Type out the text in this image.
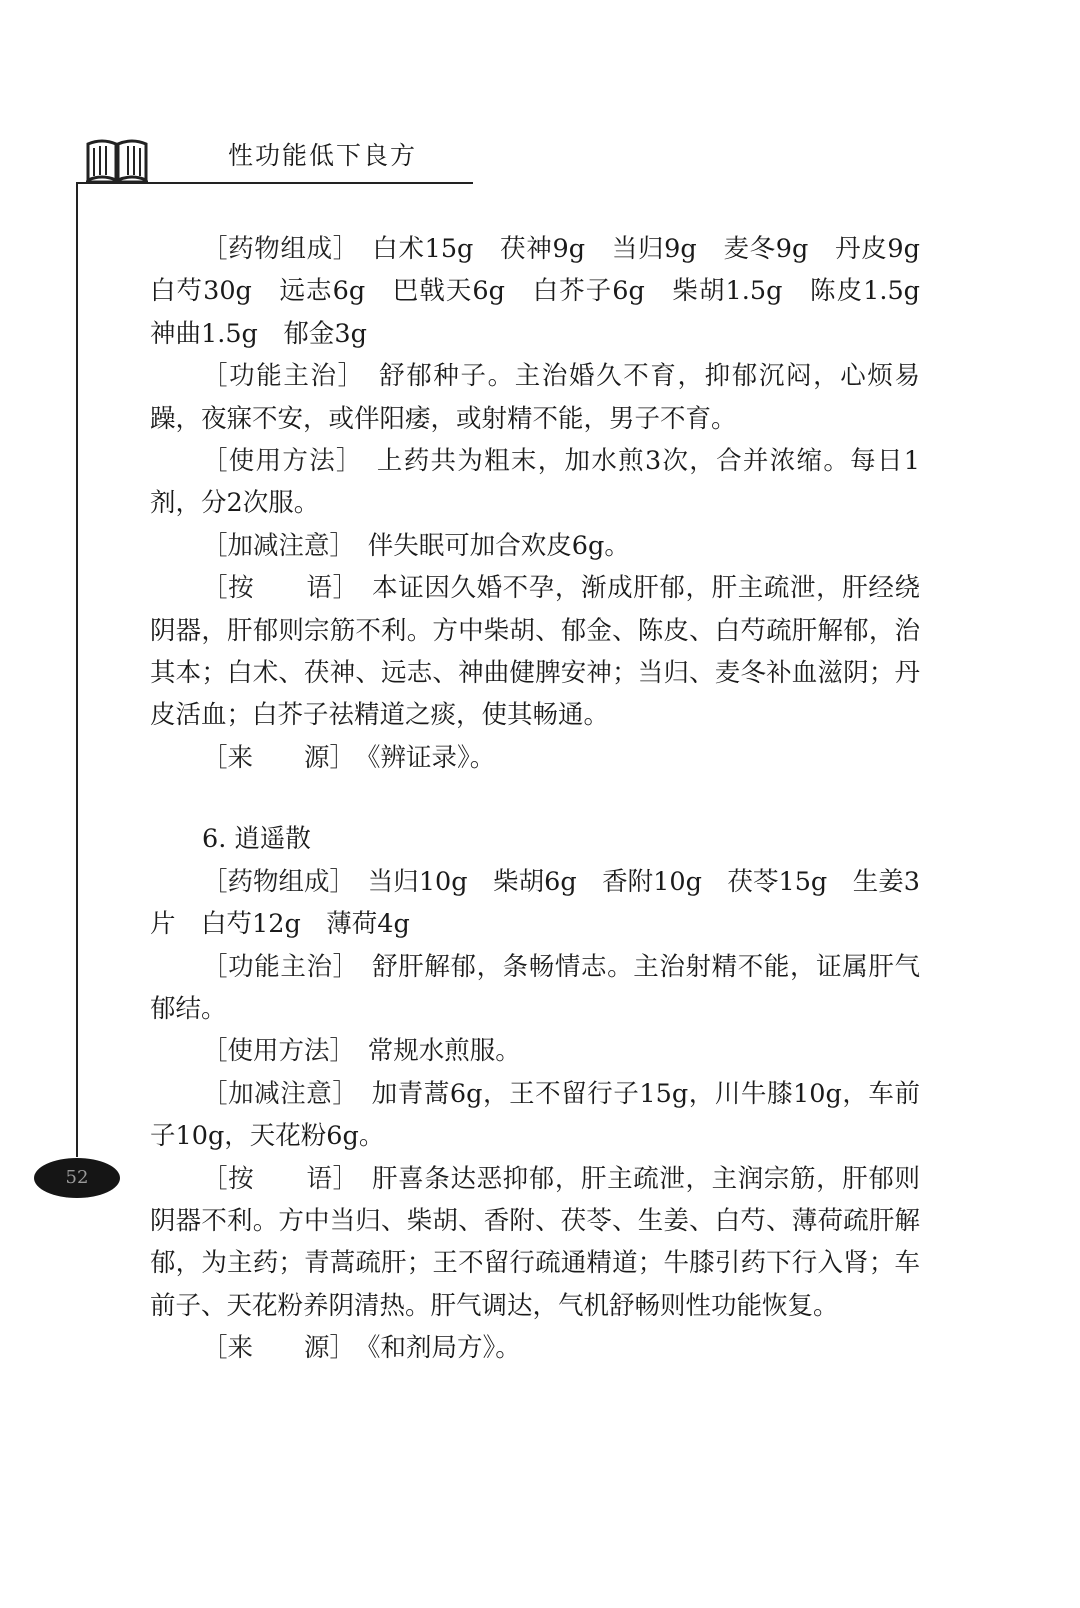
性功能低下良方
52

［药物组成］　白术15g　茯神9g　当归9g　麦冬9g　丹皮9g白芍30g　远志6g　巴戟天6g　白芥子6g　柴胡1.5g　陈皮1.5g　神曲1.5g　郁金3g

［功能主治］　舒郁种子。主治婚久不育，抑郁沉闷，心烦易躁，夜寐不安，或伴阳痿，或射精不能，男子不育。

［使用方法］　上药共为粗末，加水煎3次，合并浓缩。每日1剂，分2次服。

［加减注意］　伴失眠可加合欢皮6g。

［按　　语］　本证因久婚不孕，渐成肝郁，肝主疏泄，肝经绕阴器，肝郁则宗筋不利。方中柴胡、郁金、陈皮、白芍疏肝解郁，治其本；白术、茯神、远志、神曲健脾安神；当归、麦冬补血滋阴；丹皮活血；白芥子祛精道之痰，使其畅通。

［来　　源］　《辨证录》。

6. 逍遥散

［药物组成］　当归10g　柴胡6g　香附10g　茯苓15g　生姜3片　白芍12g　薄荷4g

［功能主治］　舒肝解郁，条畅情志。主治射精不能，证属肝气郁结。

［使用方法］　常规水煎服。

［加减注意］　加青蒿6g，王不留行子15g，川牛膝10g，车前子10g，天花粉6g。

［按　　语］　肝喜条达恶抑郁，肝主疏泄，主润宗筋，肝郁则阴器不利。方中当归、柴胡、香附、茯苓、生姜、白芍、薄荷疏肝解郁，为主药；青蒿疏肝；王不留行疏通精道；牛膝引药下行入肾；车前子、天花粉养阴清热。肝气调达，气机舒畅则性功能恢复。

［来　　源］　《和剂局方》。
